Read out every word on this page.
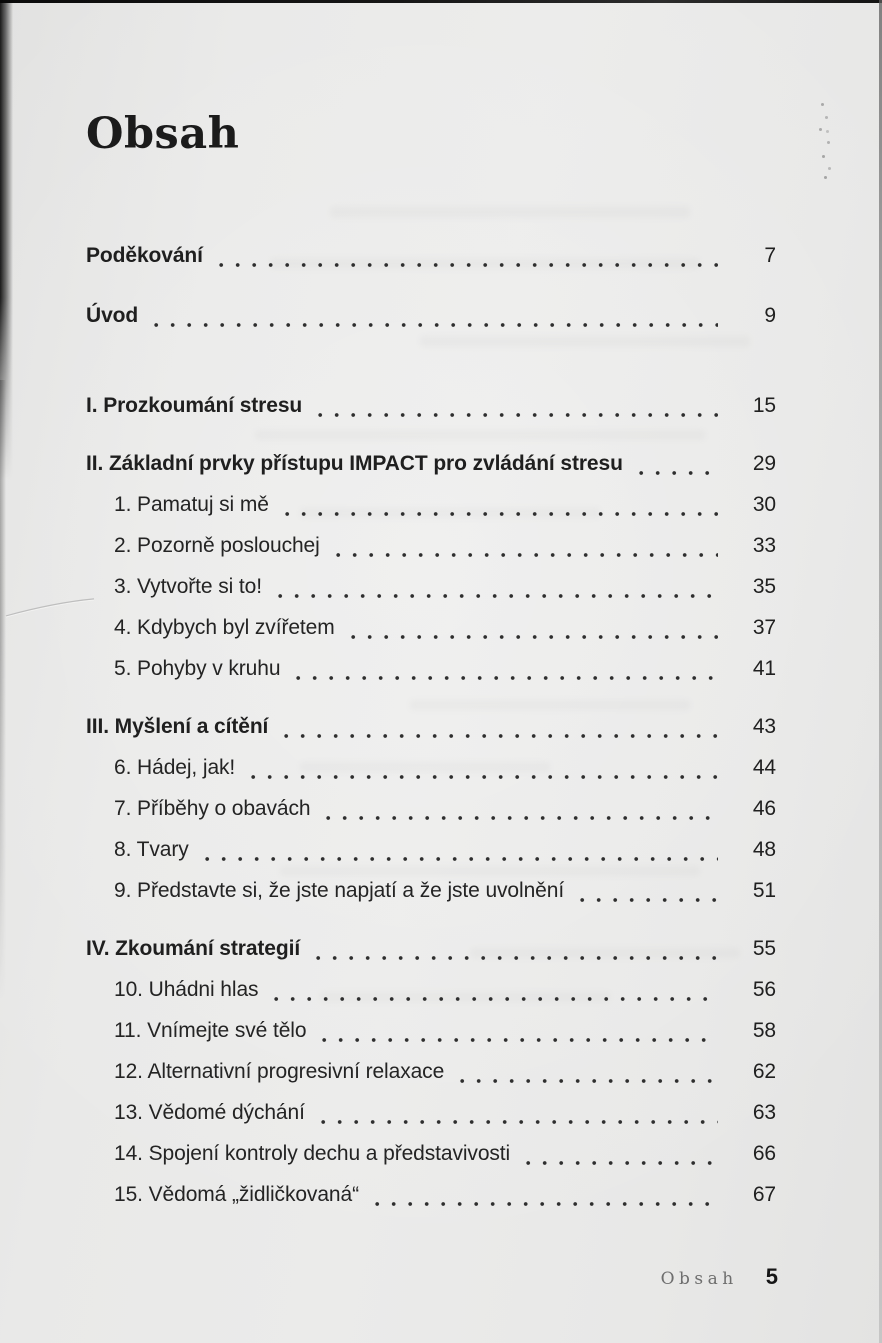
Obsah
Poděkování	7
Úvod	9
I. Prozkoumání stresu	15
II. Základní prvky přístupu IMPACT pro zvládání stresu	29
1. Pamatuj si mě	30
2. Pozorně poslouchej	33
3. Vytvořte si to!	35
4. Kdybych byl zvířetem	37
5. Pohyby v kruhu	41
III. Myšlení a cítění	43
6. Hádej, jak!	44
7. Příběhy o obavách	46
8. Tvary	48
9. Představte si, že jste napjatí a že jste uvolnění	51
IV. Zkoumání strategií	55
10. Uhádni hlas	56
11. Vnímejte své tělo	58
12. Alternativní progresivní relaxace	62
13. Vědomé dýchání	63
14. Spojení kontroly dechu a představivosti	66
15. Vědomá „židličkovaná“	67
Obsah 5
